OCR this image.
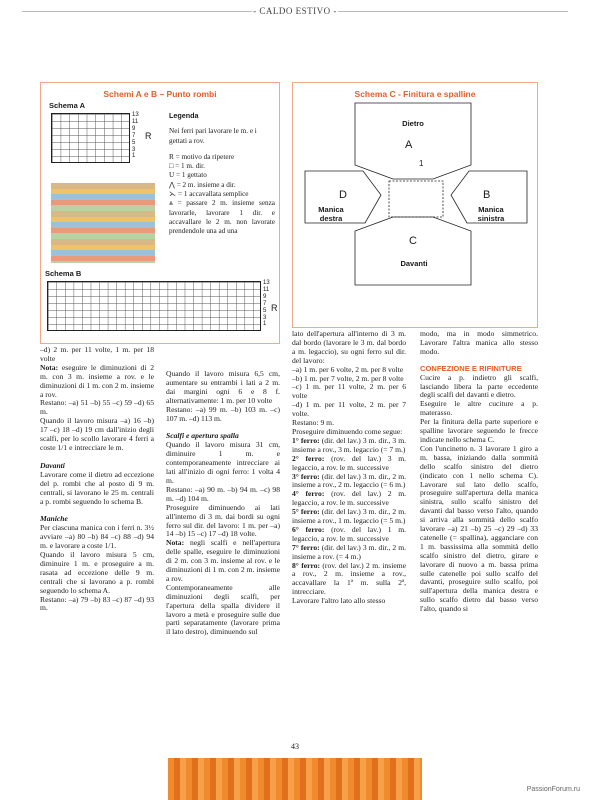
- CALDO ESTIVO -
Schemi A e B – Punto rombi
Schema A
13
11
9
7
5
3
1
R
Legenda
Nei ferri pari lavorare le m. e i gettati a rov.
R = motivo da ripetere
□ = 1 m. dir.
U = 1 gettato
⋀ = 2 m. insieme a dir.
⋋ = 1 accavallata semplice
⩓ = passare 2 m. insieme senza lavorarle, lavorare 1 dir. e accavallare le 2 m. non lavorate prendendole una ad una
Schema B
13
11
9
7
5
3
1
R
Schema C - Finitura e spalline
Dietro
A
1
D
Manica destra
B
Manica sinistra
C
Davanti

–d) 2 m. per 11 volte, 1 m. per 18 volte

Nota: eseguire le diminuzioni di 2 m. con 3 m. insieme a rov. e le diminuzioni di 1 m. con 2 m. insieme a rov.

Restano: –a) 51 –b) 55 –c) 59 –d) 65 m.

Quando il lavoro misura –a) 16 –b) 17 –c) 18 –d) 19 cm dall'inizio degli scalfi, per lo scollo lavorare 4 ferri a coste 1/1 e intrecciare le m.

Davanti

Lavorare come il dietro ad eccezione del p. rombi che al posto di 9 m. centrali, si lavorano le 25 m. centrali a p. rombi seguendo lo schema B.

Maniche

Per ciascuna manica con i ferri n. 3½ avviare –a) 80 –b) 84 –c) 88 –d) 94 m. e lavorare a coste 1/1.

Quando il lavoro misura 5 cm, diminuire 1 m. e proseguire a m. rasata ad eccezione delle 9 m. centrali che si lavorano a p. rombi seguendo lo schema A.

Restano: –a) 79 –b) 83 –c) 87 –d) 93 m.

Quando il lavoro misura 6,5 cm, aumentare su entrambi i lati a 2 m. dai margini ogni 6 e 8 f. alternativamente: 1 m. per 10 volte

Restano: –a) 99 m. –b) 103 m. –c) 107 m. –d) 113 m.

Scalfi e apertura spalla

Quando il lavoro misura 31 cm, diminuire 1 m. e contemporaneamente intrecciare ai lati all'inizio di ogni ferro: 1 volta 4 m.

Restano: –a) 90 m. –b) 94 m. –c) 98 m. –d) 104 m.

Proseguire diminuendo ai lati all'interno di 3 m. dai bordi su ogni ferro sul dir. del lavoro: 1 m. per –a) 14 –b) 15 –c) 17 –d) 18 volte.

Nota: negli scalfi e nell'apertura delle spalle, eseguire le diminuzioni di 2 m. con 3 m. insieme al rov. e le diminuzioni di 1 m. con 2 m. insieme a rov.

Contemporaneamente alle diminuzioni degli scalfi, per l'apertura della spalla dividere il lavoro a metà e proseguire sulle due parti separatamente (lavorare prima il lato destro), diminuendo sul

lato dell'apertura all'interno di 3 m. dal bordo (lavorare le 3 m. dal bordo a m. legaccio), su ogni ferro sul dir. del lavoro:

–a) 1 m. per 6 volte, 2 m. per 8 volte

–b) 1 m. per 7 volte, 2 m. per 8 volte

–c) 1 m. per 11 volte, 2 m. per 6 volte

–d) 1 m. per 11 volte, 2 m. per 7 volte.

Restano: 9 m.

Proseguire diminuendo come segue:

1° ferro: (dir. del lav.) 3 m. dir., 3 m. insieme a rov., 3 m. legaccio (= 7 m.)

2° ferro: (rov. del lav.) 3 m. legaccio, a rov. le m. successive

3° ferro: (dir. del lav.) 3 m. dir., 2 m. insieme a rov., 2 m. legaccio (= 6 m.)

4° ferro: (rov. del lav.) 2 m. legaccio, a rov. le m. successive

5° ferro: (dir. del lav.) 3 m. dir., 2 m. insieme a rov., 1 m. legaccio (= 5 m.)

6° ferro: (rov. del lav.) 1 m. legaccio, a rov. le m. successive

7° ferro: (dir. del lav.) 3 m. dir., 2 m. insieme a rov. (= 4 m.)

8° ferro: (rov. del lav.) 2 m. insieme a rov., 2 m. insieme a rov., accavallare la 1ª m. sulla 2ª, intrecciare.

Lavorare l'altro lato allo stesso

modo, ma in modo simmetrico. Lavorare l'altra manica allo stesso modo.

CONFEZIONE E RIFINITURE

Cucire a p. indietro gli scalfi, lasciando libera la parte eccedente degli scalfi del davanti e dietro.

Eseguire le altre cuciture a p. materasso.

Per la finitura della parte superiore e spalline lavorare seguendo le frecce indicate nello schema C.

Con l'uncinetto n. 3 lavorare 1 giro a m. bassa, iniziando dalla sommità dello scalfo sinistro del dietro (indicato con 1 nello schema C). Lavorare sul lato dello scalfo, proseguire sull'apertura della manica sinistra, sullo scalfo sinistro del davanti dal basso verso l'alto, quando si arriva alla sommità dello scalfo lavorare –a) 21 –b) 25 –c) 29 –d) 33 catenelle (= spallina), agganciare con 1 m. bassissima alla sommità dello scalfo sinistro del dietro, girare e lavorare di nuovo a m. bassa prima sulle catenelle poi sullo scalfo del davanti, proseguire sullo scalfo, poi sull'apertura della manica destra e sullo scalfo dietro dal basso verso l'alto, quando si

43
PassionForum.ru
